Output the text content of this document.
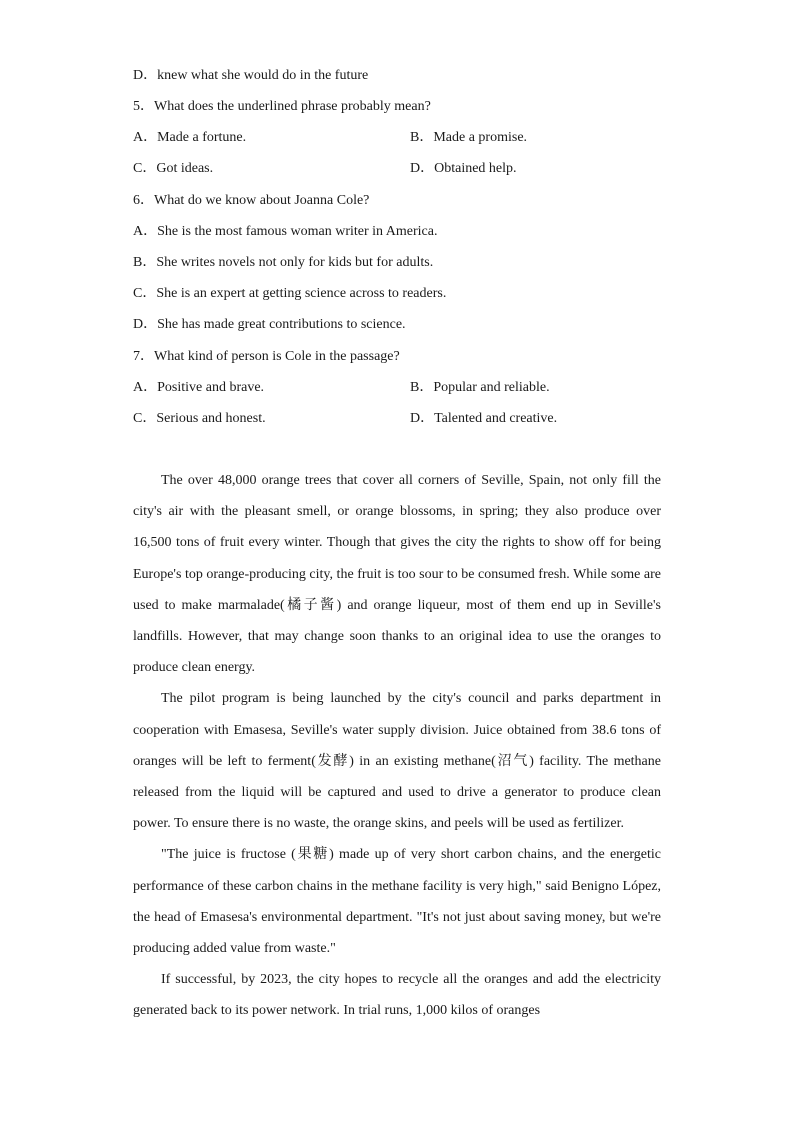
D．knew what she would do in the future
5．What does the underlined phrase probably mean?
A．Made a fortune.	B．Made a promise.
C．Got ideas.	D．Obtained help.
6．What do we know about Joanna Cole?
A．She is the most famous woman writer in America.
B．She writes novels not only for kids but for adults.
C．She is an expert at getting science across to readers.
D．She has made great contributions to science.
7．What kind of person is Cole in the passage?
A．Positive and brave.	B．Popular and reliable.
C．Serious and honest.	D．Talented and creative.

The over 48,000 orange trees that cover all corners of Seville, Spain, not only fill the city's air with the pleasant smell, or orange blossoms, in spring; they also produce over 16,500 tons of fruit every winter. Though that gives the city the rights to show off for being Europe's top orange-producing city, the fruit is too sour to be consumed fresh. While some are used to make marmalade(橘子酱) and orange liqueur, most of them end up in Seville's landfills. However, that may change soon thanks to an original idea to use the oranges to produce clean energy.

The pilot program is being launched by the city's council and parks department in cooperation with Emasesa, Seville's water supply division. Juice obtained from 38.6 tons of oranges will be left to ferment(发酵) in an existing methane(沼气) facility. The methane released from the liquid will be captured and used to drive a generator to produce clean power. To ensure there is no waste, the orange skins, and peels will be used as fertilizer.

"The juice is fructose (果糖) made up of very short carbon chains, and the energetic performance of these carbon chains in the methane facility is very high," said Benigno López, the head of Emasesa's environmental department. "It's not just about saving money, but we're producing added value from waste."

If successful, by 2023, the city hopes to recycle all the oranges and add the electricity generated back to its power network. In trial runs, 1,000 kilos of oranges
